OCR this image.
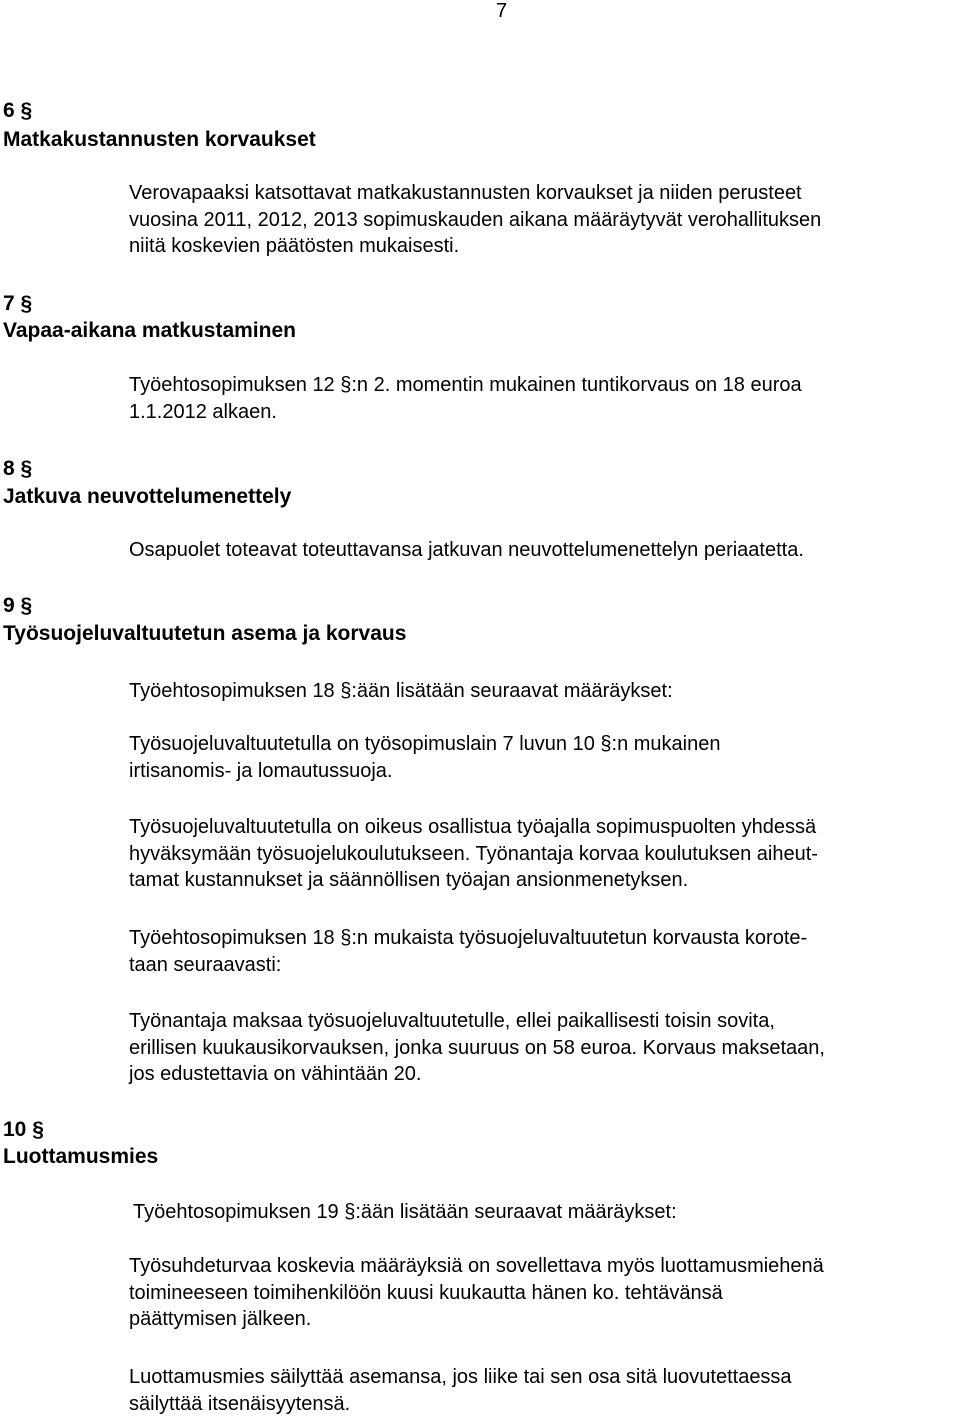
7
6 §
Matkakustannusten korvaukset
Verovapaaksi katsottavat matkakustannusten korvaukset ja niiden perusteet
vuosina 2011, 2012, 2013 sopimuskauden aikana määräytyvät verohallituksen
niitä koskevien päätösten mukaisesti.
7 §
Vapaa-aikana matkustaminen
Työehtosopimuksen 12 §:n 2. momentin mukainen tuntikorvaus on 18 euroa
1.1.2012 alkaen.
8 §
Jatkuva neuvottelumenettely
Osapuolet toteavat toteuttavansa jatkuvan neuvottelumenettelyn periaatetta.
9 §
Työsuojeluvaltuutetun asema ja korvaus
Työehtosopimuksen 18 §:ään lisätään seuraavat määräykset:
Työsuojeluvaltuutetulla on työsopimuslain 7 luvun 10 §:n mukainen
irtisanomis- ja lomautussuoja.
Työsuojeluvaltuutetulla on oikeus osallistua työajalla sopimuspuolten yhdessä
hyväksymään työsuojelukoulutukseen. Työnantaja korvaa koulutuksen aiheut-
tamat kustannukset ja säännöllisen työajan ansionmenetyksen.
Työehtosopimuksen 18 §:n mukaista työsuojeluvaltuutetun korvausta korote-
taan seuraavasti:
Työnantaja maksaa työsuojeluvaltuutetulle, ellei paikallisesti toisin sovita,
erillisen kuukausikorvauksen, jonka suuruus on 58 euroa. Korvaus maksetaan,
jos edustettavia on vähintään 20.
10 §
Luottamusmies
Työehtosopimuksen 19 §:ään lisätään seuraavat määräykset:
Työsuhdeturvaa koskevia määräyksiä on sovellettava myös luottamusmiehenä
toimineeseen toimihenkilöön kuusi kuukautta hänen ko. tehtävänsä
päättymisen jälkeen.
Luottamusmies säilyttää asemansa, jos liike tai sen osa sitä luovutettaessa
säilyttää itsenäisyytensä.
